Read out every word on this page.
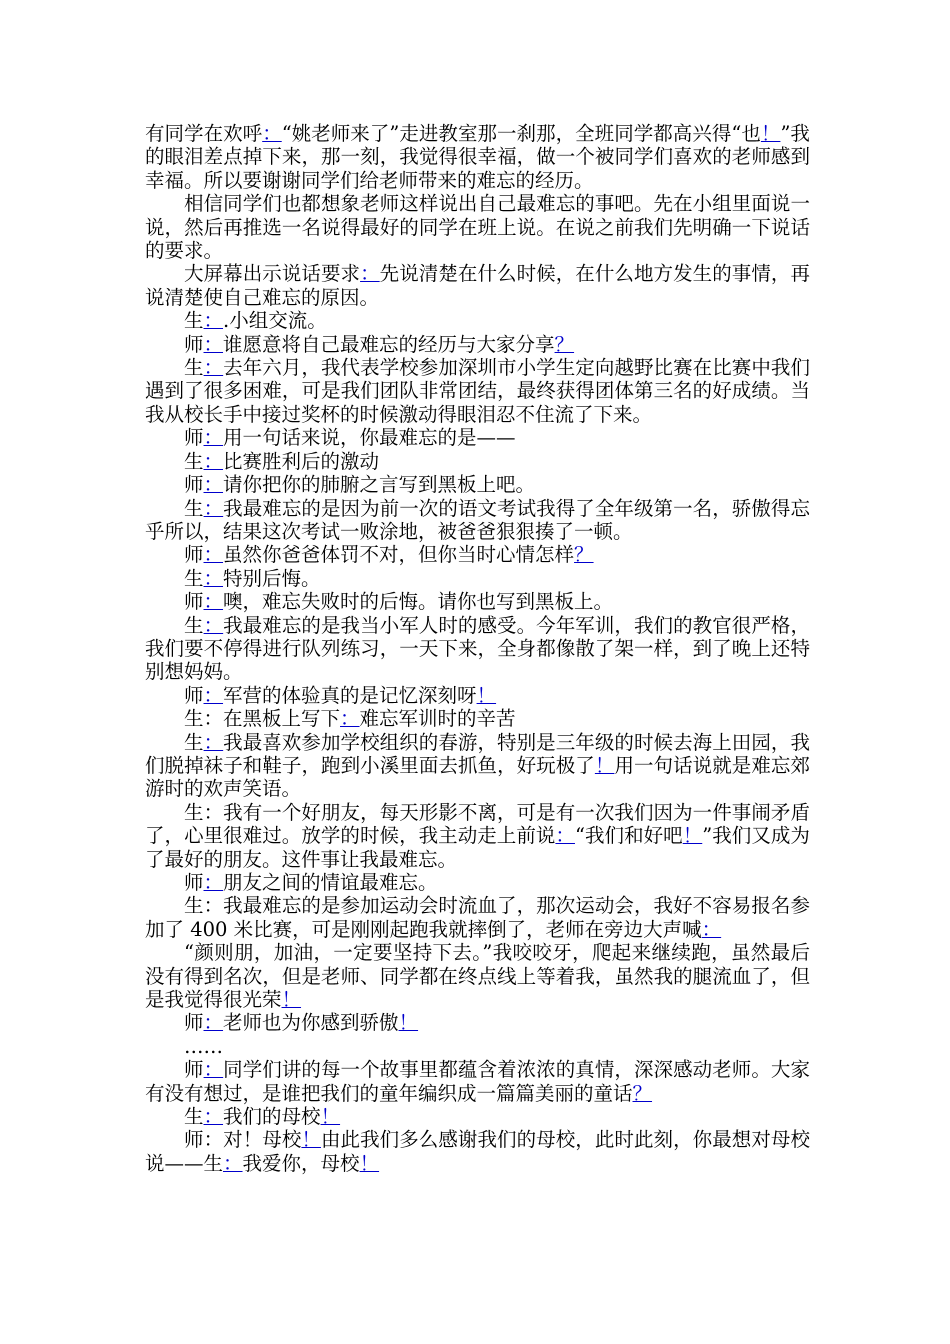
有同学在欢呼：“姚老师来了”走进教室那一刹那，全班同学都高兴得“也！”我的眼泪差点掉下来，那一刻，我觉得很幸福，做一个被同学们喜欢的老师感到幸福。所以要谢谢同学们给老师带来的难忘的经历。

相信同学们也都想象老师这样说出自己最难忘的事吧。先在小组里面说一说，然后再推选一名说得最好的同学在班上说。在说之前我们先明确一下说话的要求。

大屏幕出示说话要求：先说清楚在什么时候，在什么地方发生的事情，再说清楚使自己难忘的原因。

生：.小组交流。

师：谁愿意将自己最难忘的经历与大家分享？

生：去年六月，我代表学校参加深圳市小学生定向越野比赛在比赛中我们遇到了很多困难，可是我们团队非常团结，最终获得团体第三名的好成绩。当我从校长手中接过奖杯的时候激动得眼泪忍不住流了下来。

师：用一句话来说，你最难忘的是——

生：比赛胜利后的激动

师：请你把你的肺腑之言写到黑板上吧。

生：我最难忘的是因为前一次的语文考试我得了全年级第一名，骄傲得忘乎所以，结果这次考试一败涂地，被爸爸狠狠揍了一顿。

师：虽然你爸爸体罚不对，但你当时心情怎样？

生：特别后悔。

师：噢，难忘失败时的后悔。请你也写到黑板上。

生：我最难忘的是我当小军人时的感受。今年军训，我们的教官很严格，我们要不停得进行队列练习，一天下来，全身都像散了架一样，到了晚上还特别想妈妈。

师：军营的体验真的是记忆深刻呀！

生：在黑板上写下：难忘军训时的辛苦

生：我最喜欢参加学校组织的春游，特别是三年级的时候去海上田园，我们脱掉袜子和鞋子，跑到小溪里面去抓鱼，好玩极了！用一句话说就是难忘郊游时的欢声笑语。

生：我有一个好朋友，每天形影不离，可是有一次我们因为一件事闹矛盾了，心里很难过。放学的时候，我主动走上前说：“我们和好吧！”我们又成为了最好的朋友。这件事让我最难忘。

师：朋友之间的情谊最难忘。

生：我最难忘的是参加运动会时流血了，那次运动会，我好不容易报名参加了 400 米比赛，可是刚刚起跑我就摔倒了，老师在旁边大声喊：

“颜则朋，加油，一定要坚持下去。”我咬咬牙，爬起来继续跑，虽然最后没有得到名次，但是老师、同学都在终点线上等着我，虽然我的腿流血了，但是我觉得很光荣！

师：老师也为你感到骄傲！

……

师：同学们讲的每一个故事里都蕴含着浓浓的真情，深深感动老师。大家有没有想过，是谁把我们的童年编织成一篇篇美丽的童话？

生：我们的母校！

师：对！母校！由此我们多么感谢我们的母校，此时此刻，你最想对母校说——生：我爱你，母校！
